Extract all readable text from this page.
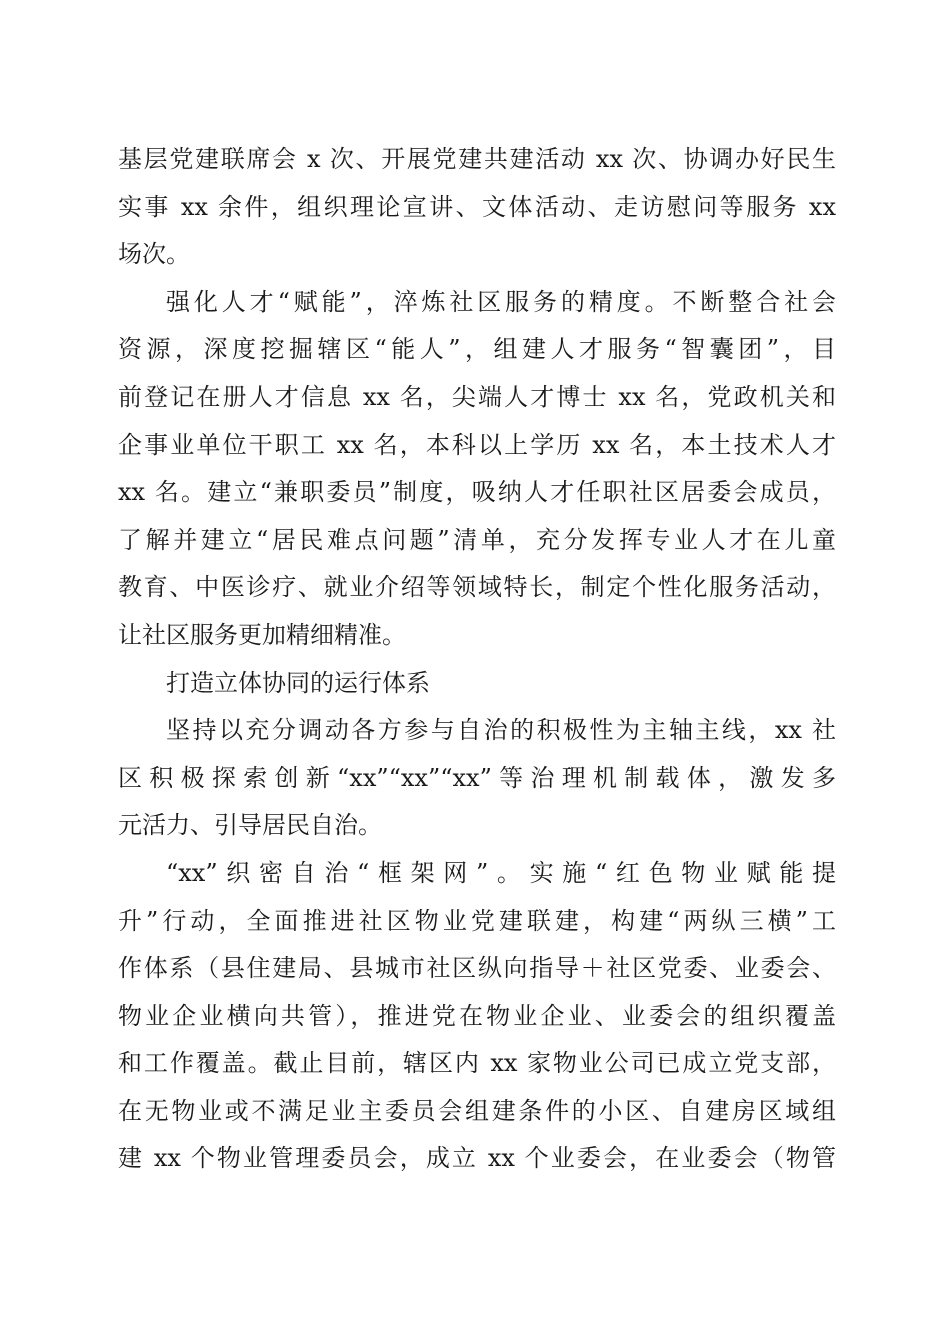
基层党建联席会 x 次、开展党建共建活动 xx 次、协调办好民生
实事 xx 余件，组织理论宣讲、文体活动、走访慰问等服务 xx
场次。
强化人才“赋能”，淬炼社区服务的精度。不断整合社会
资源，深度挖掘辖区“能人”，组建人才服务“智囊团”，目
前登记在册人才信息 xx 名，尖端人才博士 xx 名，党政机关和
企事业单位干职工 xx 名，本科以上学历 xx 名，本土技术人才
xx 名。建立“兼职委员”制度，吸纳人才任职社区居委会成员，
了解并建立“居民难点问题”清单，充分发挥专业人才在儿童
教育、中医诊疗、就业介绍等领域特长，制定个性化服务活动，
让社区服务更加精细精准。
打造立体协同的运行体系
坚持以充分调动各方参与自治的积极性为主轴主线，xx 社
区积极探索创新“xx”“xx”“xx”等治理机制载体，激发多
元活力、引导居民自治。
“xx”织密自治“框架网”。实施“红色物业赋能提
升”行动，全面推进社区物业党建联建，构建“两纵三横”工
作体系（县住建局、县城市社区纵向指导＋社区党委、业委会、
物业企业横向共管），推进党在物业企业、业委会的组织覆盖
和工作覆盖。截止目前，辖区内 xx 家物业公司已成立党支部，
在无物业或不满足业主委员会组建条件的小区、自建房区域组
建 xx 个物业管理委员会，成立 xx 个业委会，在业委会（物管
